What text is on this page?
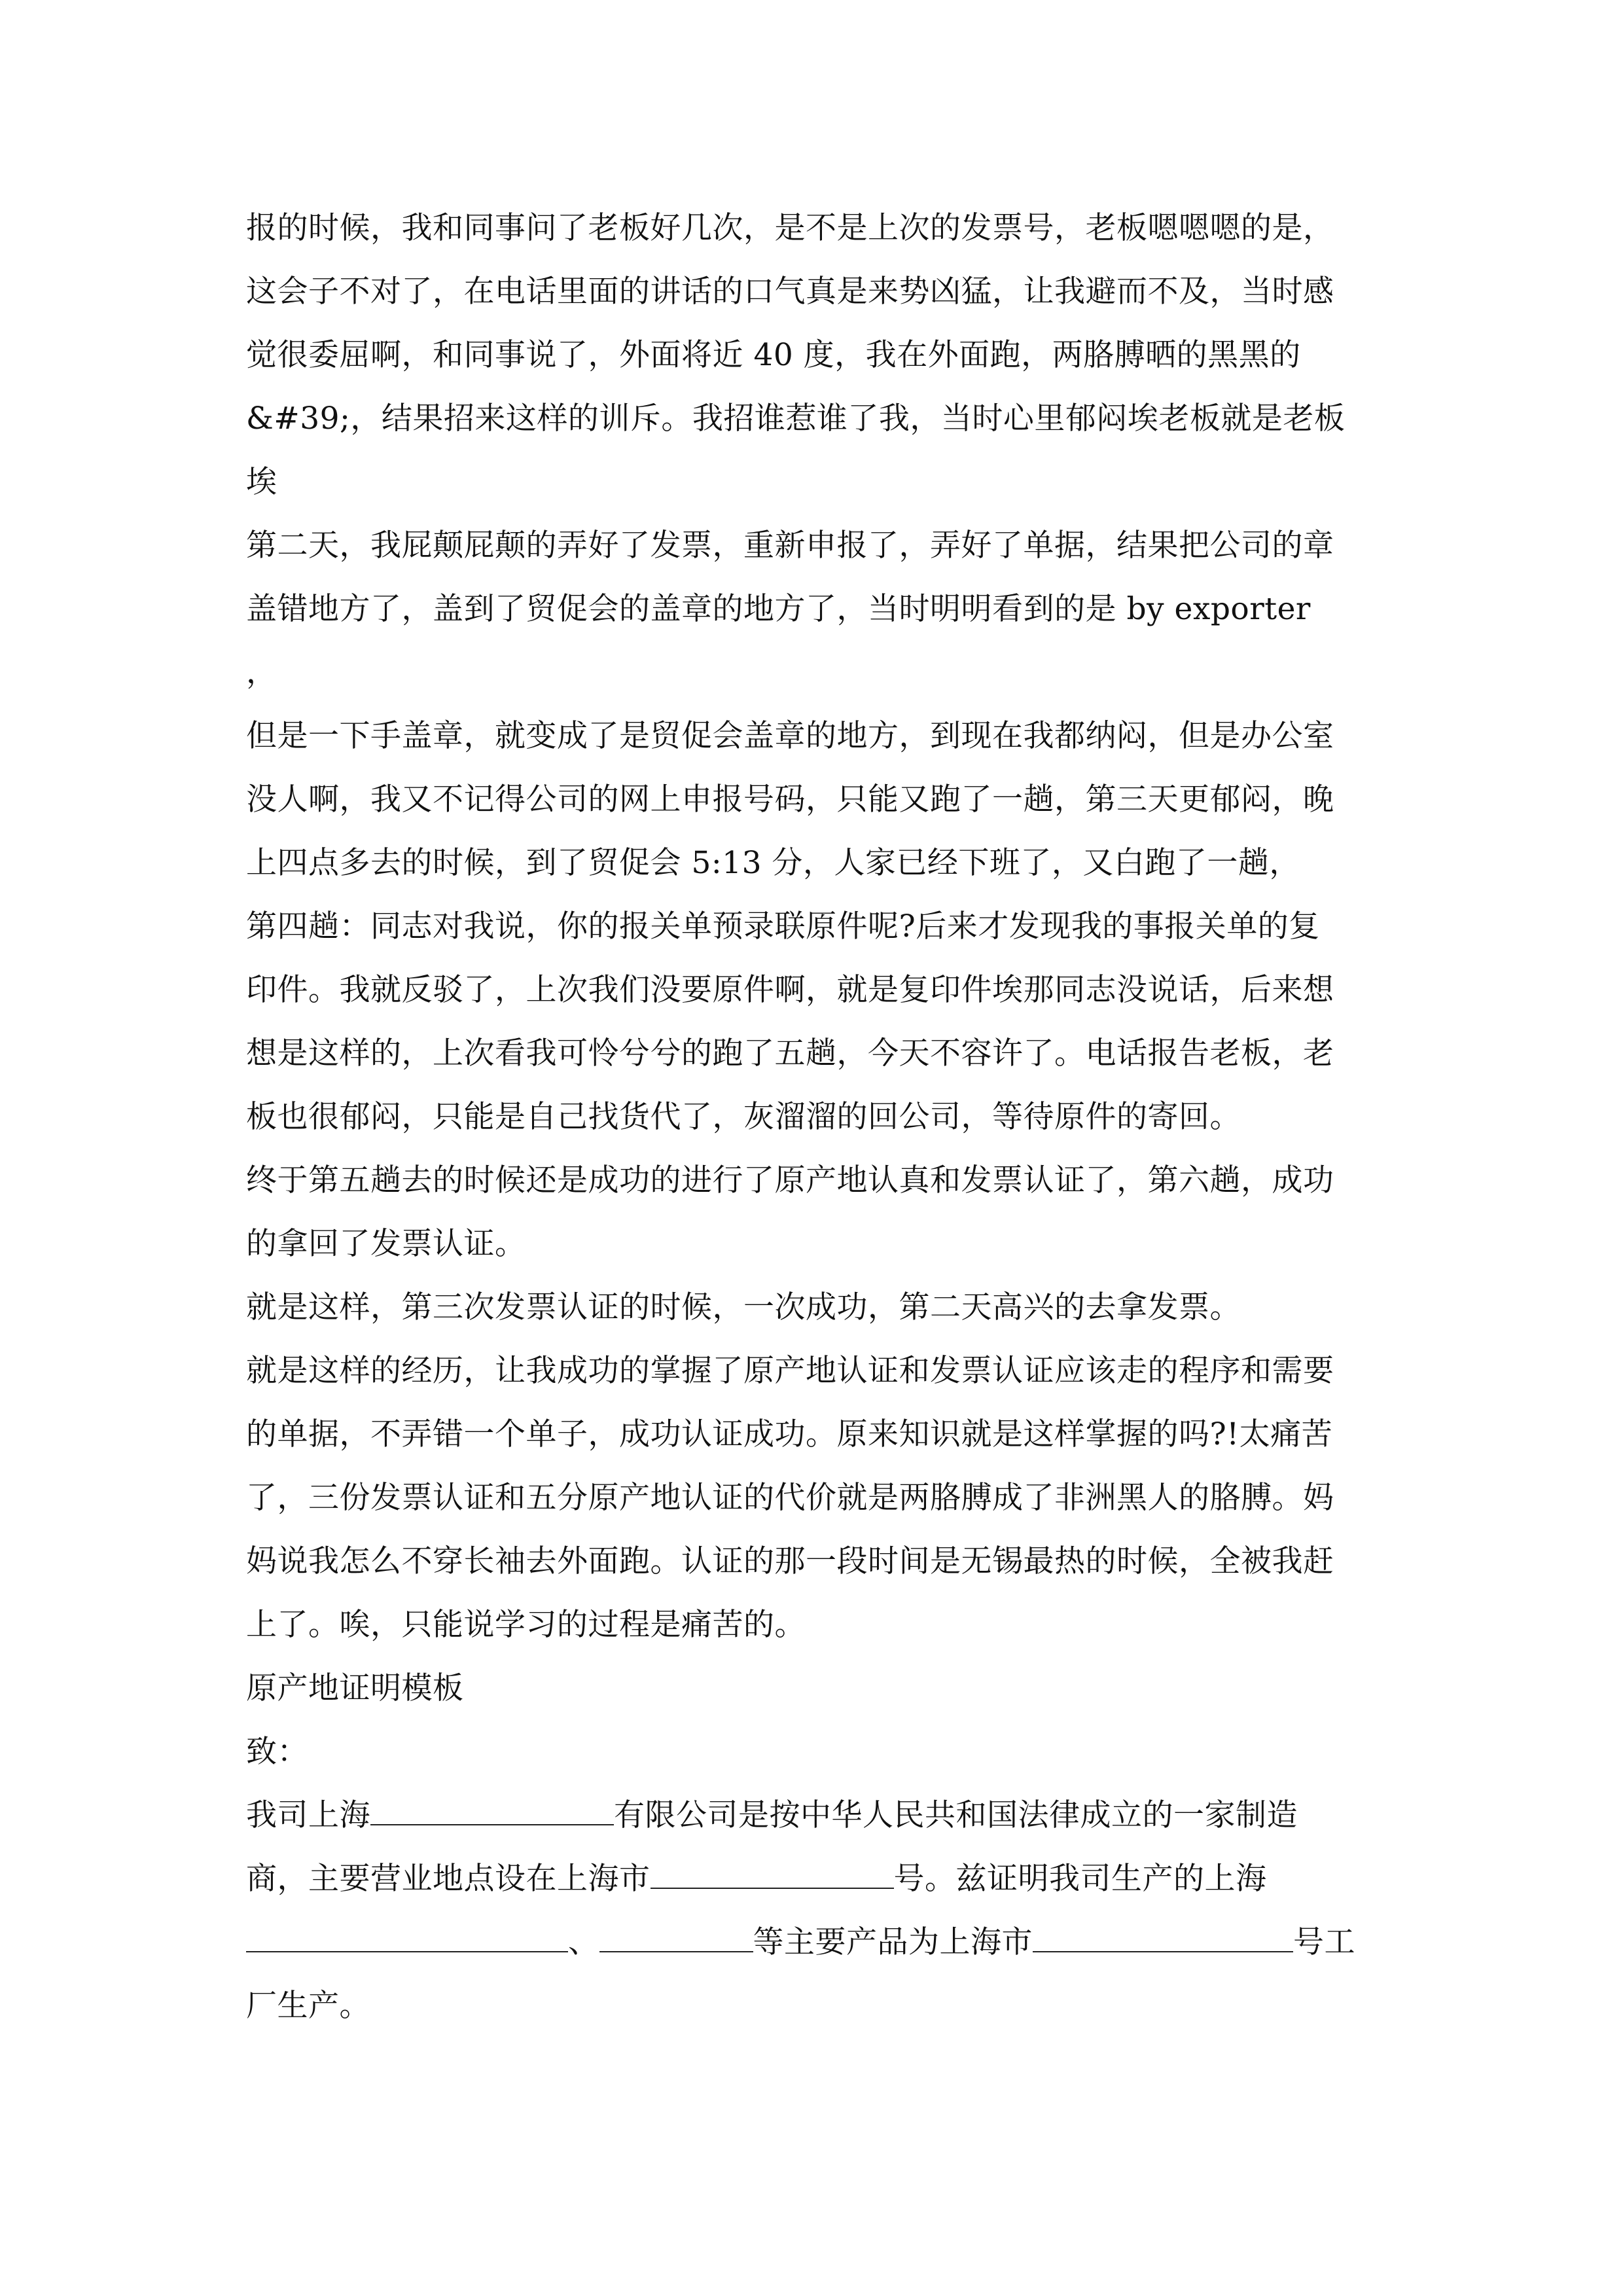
报的时候，我和同事问了老板好几次，是不是上次的发票号，老板嗯嗯嗯的是，
这会子不对了，在电话里面的讲话的口气真是来势凶猛，让我避而不及，当时感
觉很委屈啊，和同事说了，外面将近 40 度，我在外面跑，两胳膊晒的黑黑的
&#39;，结果招来这样的训斥。我招谁惹谁了我，当时心里郁闷埃老板就是老板
埃
第二天，我屁颠屁颠的弄好了发票，重新申报了，弄好了单据，结果把公司的章
盖错地方了，盖到了贸促会的盖章的地方了，当时明明看到的是 by exporter
，
但是一下手盖章，就变成了是贸促会盖章的地方，到现在我都纳闷，但是办公室
没人啊，我又不记得公司的网上申报号码，只能又跑了一趟，第三天更郁闷，晚
上四点多去的时候，到了贸促会 5:13 分，人家已经下班了，又白跑了一趟，
第四趟：同志对我说，你的报关单预录联原件呢?后来才发现我的事报关单的复
印件。我就反驳了，上次我们没要原件啊，就是复印件埃那同志没说话，后来想
想是这样的，上次看我可怜兮兮的跑了五趟，今天不容许了。电话报告老板，老
板也很郁闷，只能是自己找货代了，灰溜溜的回公司，等待原件的寄回。
终于第五趟去的时候还是成功的进行了原产地认真和发票认证了，第六趟，成功
的拿回了发票认证。
就是这样，第三次发票认证的时候，一次成功，第二天高兴的去拿发票。
就是这样的经历，让我成功的掌握了原产地认证和发票认证应该走的程序和需要
的单据，不弄错一个单子，成功认证成功。原来知识就是这样掌握的吗?!太痛苦
了，三份发票认证和五分原产地认证的代价就是两胳膊成了非洲黑人的胳膊。妈
妈说我怎么不穿长袖去外面跑。认证的那一段时间是无锡最热的时候，全被我赶
上了。唉，只能说学习的过程是痛苦的。
原产地证明模板
致：
我司上海	有限公司是按中华人民共和国法律成立的一家制造
商，主要营业地点设在上海市	号。兹证明我司生产的上海
、	等主要产品为上海市	号工
厂生产。
